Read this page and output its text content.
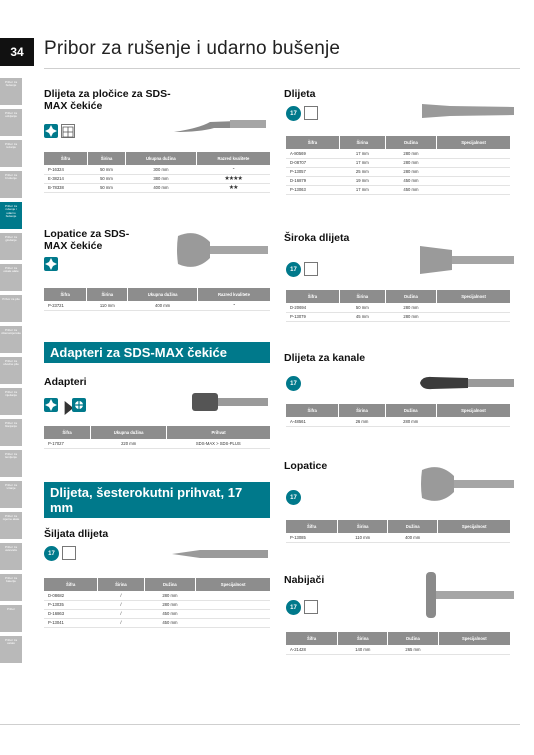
34	Pribor za rušenje i udarno bušenje
Pribor za bušenje
Pribor za odvijanje
Pribor za rezanje
Pribor za brušenje
Pribor za rušenje i udarno bušenje
Pribor za glodanje
Pribor za ostale alate
Pribor za pile
Pribor za višenamjenske
Pribor za ubodne pile
Pribor za mješanje
Pribor za blanjanje
Pribor za lemljenje
Pribor za vrtanje
Pribor za mjerne alate
Pribor za usisivače
Pribor za baterije
Pribor
Pribor za ostalo
Dlijeta za pločice za SDS-MAX čekiće
Šifra	Širina	Ukupna dužina	Razred kvalitete
P-16324	50 mm	300 mm	-
E-38214	50 mm	380 mm	★★★★
B-78338	50 mm	400 mm	★★
Lopatice za SDS-MAX čekiće
Šifra	Širina	Ukupna dužina	Razred kvalitete
P-23721	110 mm	400 mm	-
Adapteri za SDS-MAX čekiće
Adapteri
Šifra	Ukupna dužina	Prihvat
P-17027	220 mm	SDS-MAX > SDS-PLUS
Dlijeta, šesterokutni prihvat, 17 mm
Šiljata dlijeta
17
Šifra	Širina	Dužina	Specijalnost
D-08682	/	280 mm	
P-13035	/	280 mm	
D-16863	/	450 mm	
P-13041	/	450 mm	
Dlijeta
17
Šifra	Širina	Dužina	Specijalnost
A-80569	17 mm	280 mm	
D-08707	17 mm	280 mm	
P-13057	25 mm	280 mm	
D-16879	19 mm	450 mm	
P-13063	17 mm	450 mm	
Široka dlijeta
17
Šifra	Širina	Dužina	Specijalnost
D-20694	50 mm	280 mm	
P-13079	45 mm	280 mm	
Dlijeta za kanale
17
Šifra	Širina	Dužina	Specijalnost
A-48561	26 mm	280 mm	
Lopatice
17
Šifra	Širina	Dužina	Specijalnost
P-13085	110 mm	400 mm	
Nabijači
17
Šifra	Širina	Dužina	Specijalnost
A-21428	140 mm	265 mm	
